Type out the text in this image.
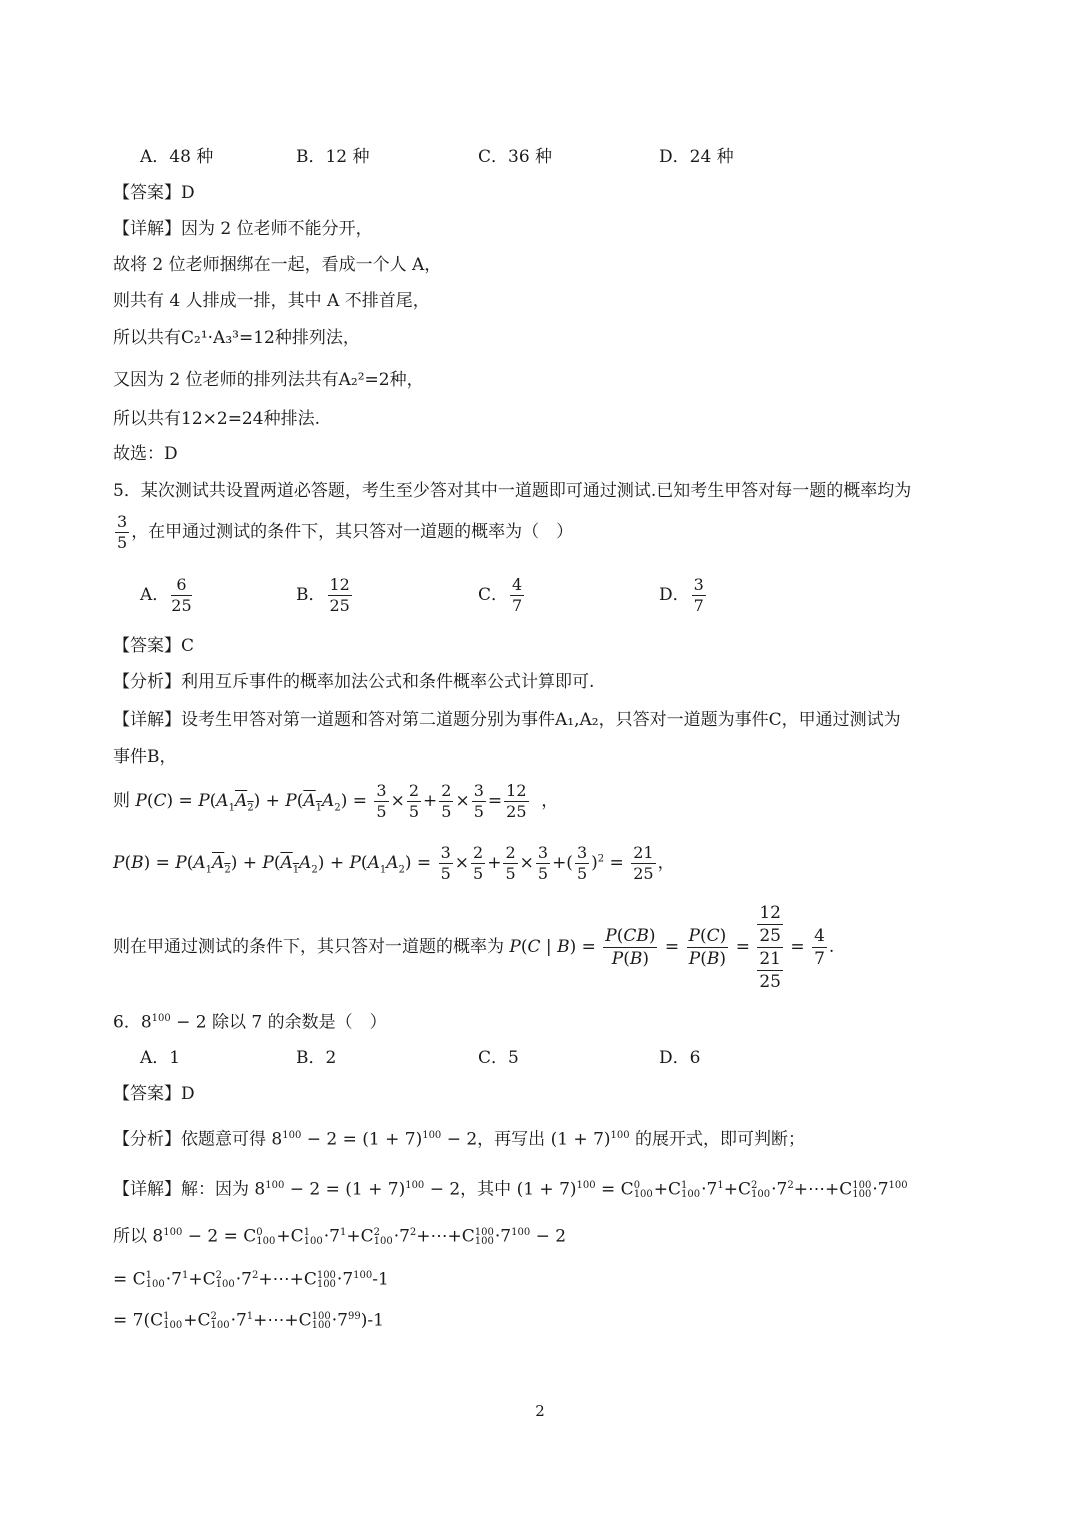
A．48 种	B．12 种	C．36 种	D．24 种
【答案】D
【详解】因为 2 位老师不能分开，
故将 2 位老师捆绑在一起，看成一个人 A，
则共有 4 人排成一排，其中 A 不排首尾，
所以共有C₂¹·A₃³=12种排列法，
又因为 2 位老师的排列法共有A₂²=2种，
所以共有12×2=24种排法.
故选：D
5．某次测试共设置两道必答题，考生至少答对其中一道题即可通过测试.已知考生甲答对每一题的概率均为
$\frac{3}{5}$ ，在甲通过测试的条件下，其只答对一道题的概率为（　）
A． $\frac{6}{25}$	B． $\frac{12}{25}$	C． $\frac{4}{7}$	D． $\frac{3}{7}$
【答案】C
【分析】利用互斥事件的概率加法公式和条件概率公式计算即可.
【详解】设考生甲答对第一道题和答对第二道题分别为事件A₁,A₂，只答对一道题为事件C，甲通过测试为
事件B，
则 $P(C) = P(A_1A_2) + P(A_1A_2) = \frac{3}{5} \times \frac{2}{5} + \frac{2}{5} \times \frac{3}{5} = \frac{12}{25}$ ，
$P(B) = P(A_1A_2) + P(A_1A_2) + P(A_1A_2) = \frac{3}{5} \times \frac{2}{5} + \frac{2}{5} \times \frac{3}{5}$ +( $\frac{3}{5} )^2 = \frac{21}{25}$ ，
则在甲通过测试的条件下，其只答对一道题的概率为 P(C | $B) = \frac{P(CB)}{P(B)} = \frac{P(C)}{P(B)} = \frac{\frac{12}{25}}{\frac{21}{25}} = \frac{4}{7}$ .
6．$8^{100} - 2$ 除以 7 的余数是（　）
A．1	B．2	C．5	D．6
【答案】D
【分析】依题意可得 $8^{100} - 2 = (1 + 7)^{100} - 2$，再写出 $(1 + 7)^{100}$ 的展开式，即可判断；
【详解】解：因为 $8^{100} - 2 = (1 + 7)^{100} - 2$，其中 $(1 + 7)^{100} = C$ 0
100 +C 1
$100 \cdot 7^1+C$ 2
$100 \cdot 7^2+\cdots+C$ 100
$100 \cdot 7^{100}$
所以 $8^{100} - 2 = C$ 0
100 +C 1
$100 \cdot 7^1+C$ 2
$100 \cdot 7^2+\cdots+C$ 100
$100 \cdot 7^{100} - 2$
= C 1
$100 \cdot 7^1+C$ 2
$100 \cdot 7^2+\cdots+C$ 100
$100 \cdot 7^{100}-1$
= 7(C 1
100 +C 2
$100 \cdot 7^1+\cdots+C$ 100
$100 \cdot 7^{99})-1$
2
